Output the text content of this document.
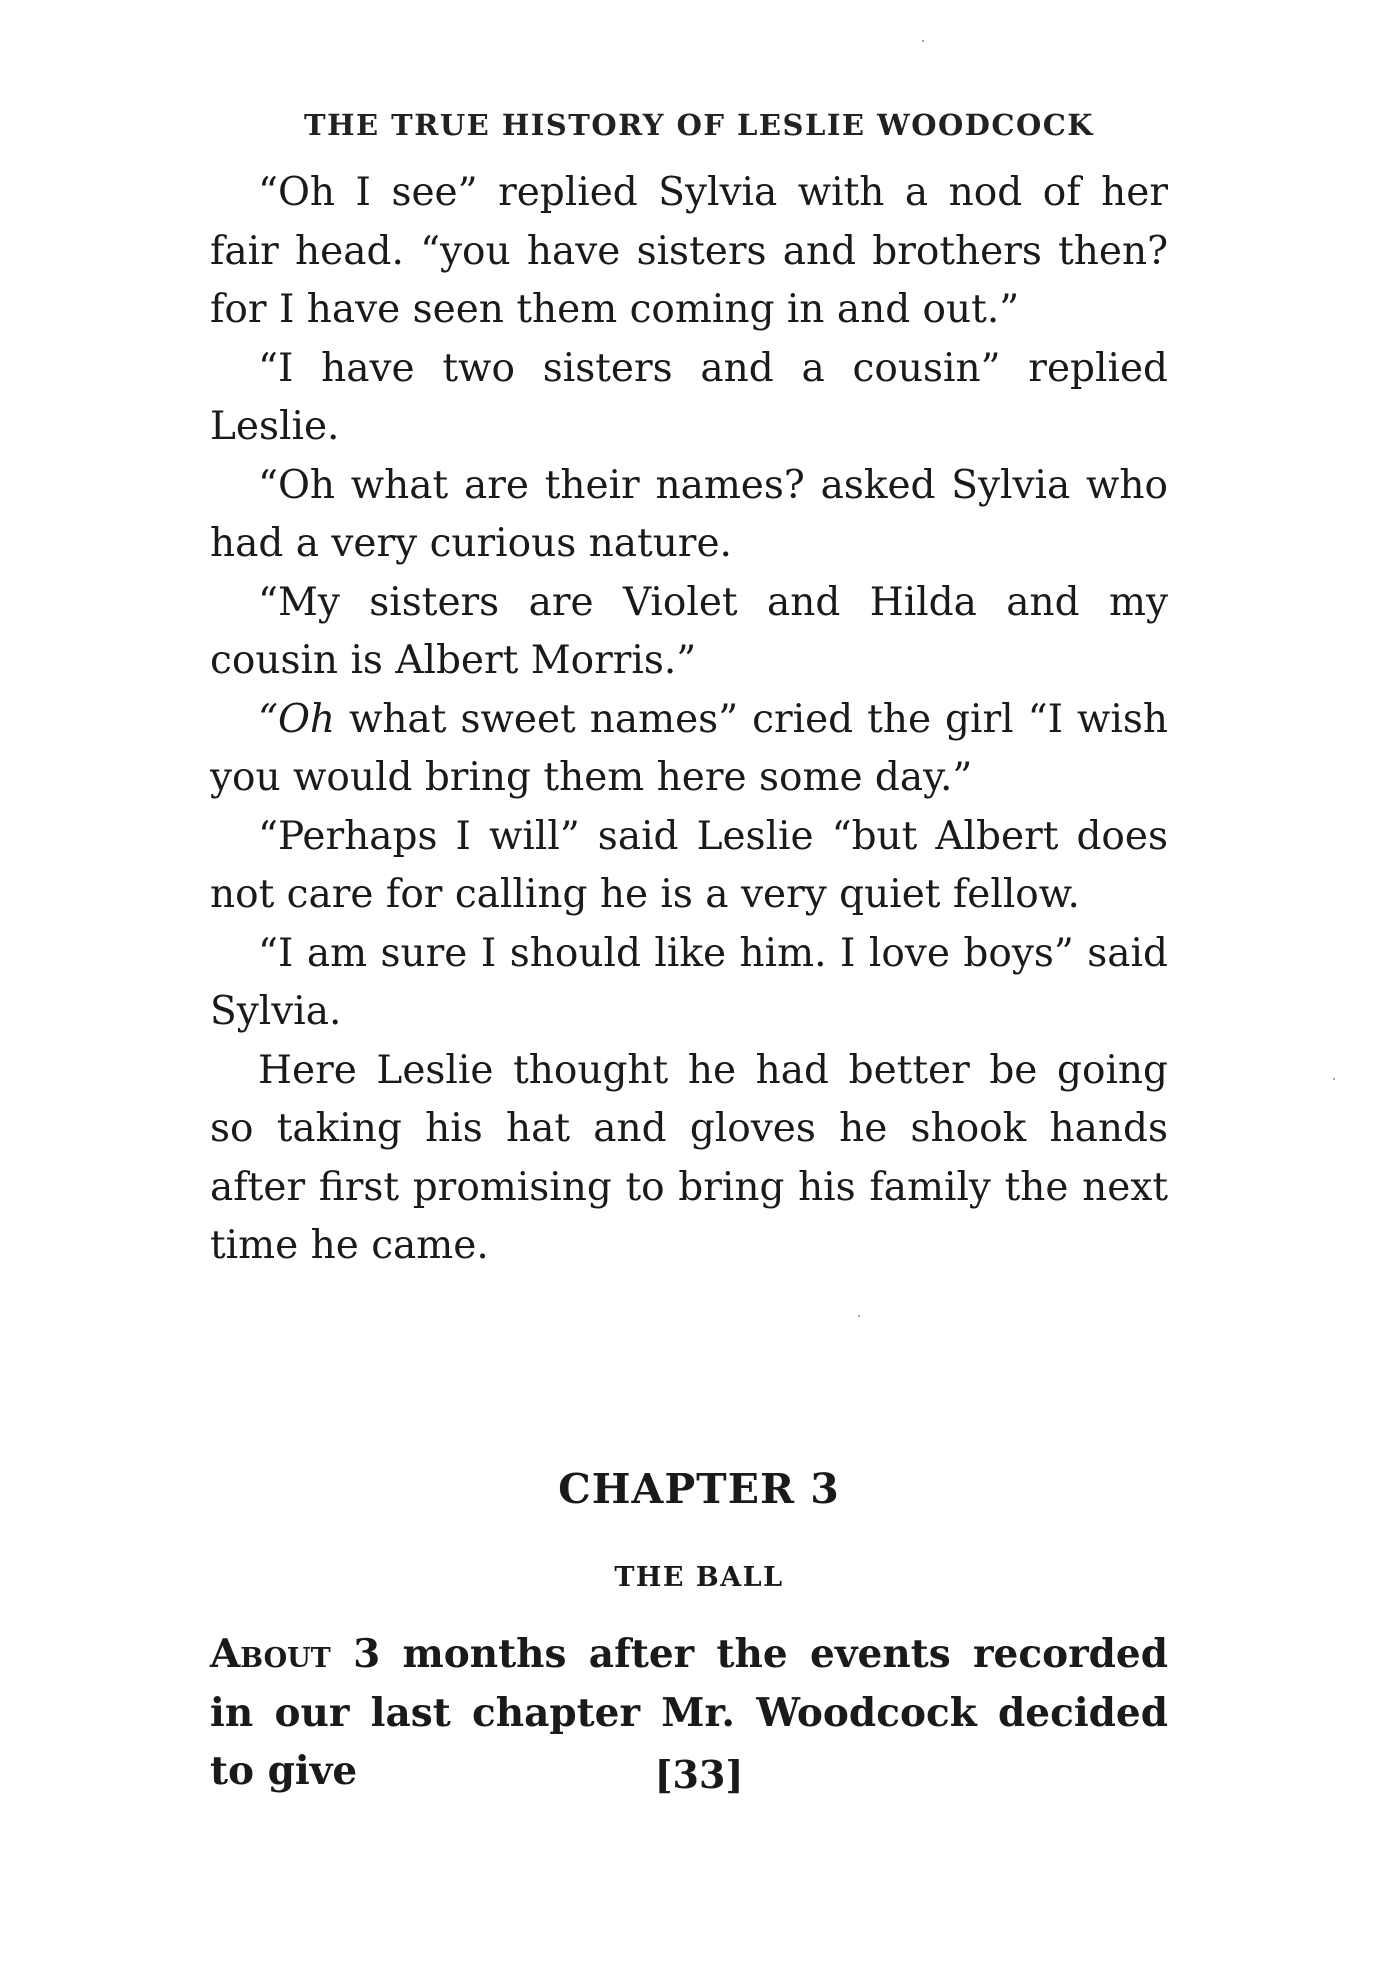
THE TRUE HISTORY OF LESLIE WOODCOCK

“Oh I see” replied Sylvia with a nod of her fair head. “you have sisters and brothers then? for I have seen them coming in and out.”

“I have two sisters and a cousin” replied Leslie.

“Oh what are their names? asked Sylvia who had a very curious nature.

“My sisters are Violet and Hilda and my cousin is Albert Morris.”

“Oh what sweet names” cried the girl “I wish you would bring them here some day.”

“Perhaps I will” said Leslie “but Albert does not care for calling he is a very quiet fellow.

“I am sure I should like him. I love boys” said Sylvia.

Here Leslie thought he had better be going so taking his hat and gloves he shook hands after first promising to bring his family the next time he came.

CHAPTER 3
THE BALL

About 3 months after the events recorded in our last chapter Mr. Woodcock decided to give	[33]
